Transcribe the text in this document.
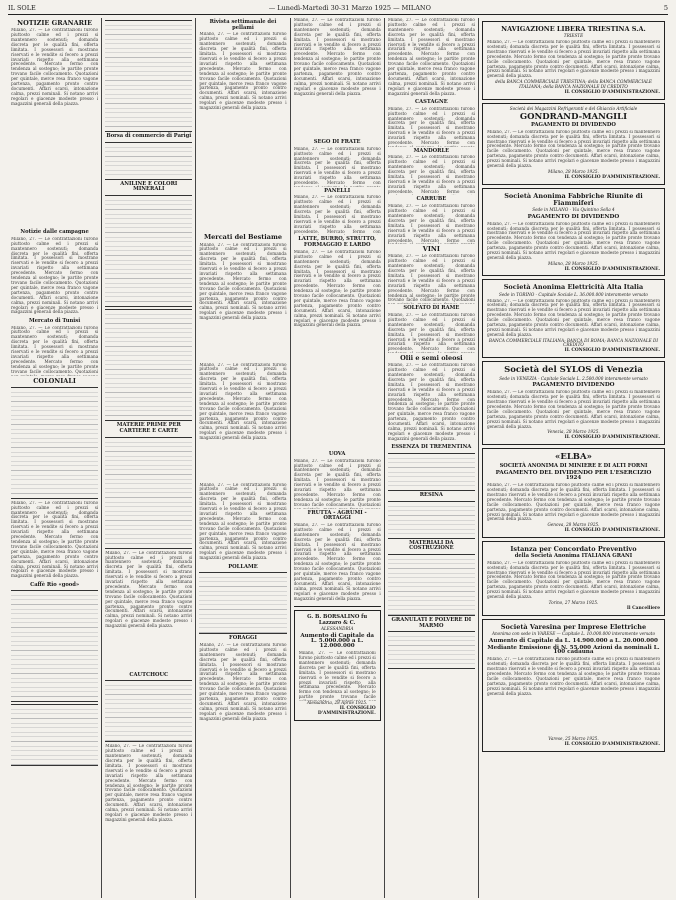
IL SOLE	— Lunedì-Martedì 30-31 Marzo 1925 — MILANO	5
NOTIZIE GRANARIE
Milano, 27. — Le contrattazioni furono piuttosto calme ed i prezzi si mantennero sostenuti; domanda discreta per le qualità fini, offerta limitata. I possessori si mostrano riservati e le vendite si fecero a prezzi invariati rispetto alla settimana precedente. Mercato fermo con tendenza al sostegno; le partite pronte trovano facile collocamento. Quotazioni per quintale, merce resa franco vagone partenza, pagamento pronto contro documenti. Affari scarsi, intonazione calma, prezzi nominali. Si notano arrivi regolari e giacenze modeste presso i magazzini generali della piazza.
Notizie dalle campagne
Milano, 27. — Le contrattazioni furono piuttosto calme ed i prezzi si mantennero sostenuti; domanda discreta per le qualità fini, offerta limitata. I possessori si mostrano riservati e le vendite si fecero a prezzi invariati rispetto alla settimana precedente. Mercato fermo con tendenza al sostegno; le partite pronte trovano facile collocamento. Quotazioni per quintale, merce resa franco vagone partenza, pagamento pronto contro documenti. Affari scarsi, intonazione calma, prezzi nominali. Si notano arrivi regolari e giacenze modeste presso i magazzini generali della piazza.
Mercato di Tunisi
Milano, 27. — Le contrattazioni furono piuttosto calme ed i prezzi si mantennero sostenuti; domanda discreta per le qualità fini, offerta limitata. I possessori si mostrano riservati e le vendite si fecero a prezzi invariati rispetto alla settimana precedente. Mercato fermo con tendenza al sostegno; le partite pronte trovano facile collocamento. Quotazioni per quintale, merce resa franco vagone partenza, pagamento pronto contro documenti. Affari scarsi, intonazione calma, prezzi nominali. Si notano arrivi regolari e giacenze modeste presso i magazzini generali della piazza.
COLONIALI
Milano, 27. — Le contrattazioni furono piuttosto calme ed i prezzi si mantennero sostenuti; domanda discreta per le qualità fini, offerta limitata. I possessori si mostrano riservati e le vendite si fecero a prezzi invariati rispetto alla settimana precedente. Mercato fermo con tendenza al sostegno; le partite pronte trovano facile collocamento. Quotazioni per quintale, merce resa franco vagone partenza, pagamento pronto contro documenti. Affari scarsi, intonazione calma, prezzi nominali. Si notano arrivi regolari e giacenze modeste presso i magazzini generali della piazza.
Caffè Rio «good»
Borsa di commercio di Parigi
ANILINE E COLORI MINERALI
MATERIE PRIME PER CARTIERE E CARTE
Milano, 27. — Le contrattazioni furono piuttosto calme ed i prezzi si mantennero sostenuti; domanda discreta per le qualità fini, offerta limitata. I possessori si mostrano riservati e le vendite si fecero a prezzi invariati rispetto alla settimana precedente. Mercato fermo con tendenza al sostegno; le partite pronte trovano facile collocamento. Quotazioni per quintale, merce resa franco vagone partenza, pagamento pronto contro documenti. Affari scarsi, intonazione calma, prezzi nominali. Si notano arrivi regolari e giacenze modeste presso i magazzini generali della piazza.
CAUTCHOUC
Milano, 27. — Le contrattazioni furono piuttosto calme ed i prezzi si mantennero sostenuti; domanda discreta per le qualità fini, offerta limitata. I possessori si mostrano riservati e le vendite si fecero a prezzi invariati rispetto alla settimana precedente. Mercato fermo con tendenza al sostegno; le partite pronte trovano facile collocamento. Quotazioni per quintale, merce resa franco vagone partenza, pagamento pronto contro documenti. Affari scarsi, intonazione calma, prezzi nominali. Si notano arrivi regolari e giacenze modeste presso i magazzini generali della piazza.
Rivista settimanale dei pellami
Milano, 27. — Le contrattazioni furono piuttosto calme ed i prezzi si mantennero sostenuti; domanda discreta per le qualità fini, offerta limitata. I possessori si mostrano riservati e le vendite si fecero a prezzi invariati rispetto alla settimana precedente. Mercato fermo con tendenza al sostegno; le partite pronte trovano facile collocamento. Quotazioni per quintale, merce resa franco vagone partenza, pagamento pronto contro documenti. Affari scarsi, intonazione calma, prezzi nominali. Si notano arrivi regolari e giacenze modeste presso i magazzini generali della piazza.
Mercati del Bestiame
Milano, 27. — Le contrattazioni furono piuttosto calme ed i prezzi si mantennero sostenuti; domanda discreta per le qualità fini, offerta limitata. I possessori si mostrano riservati e le vendite si fecero a prezzi invariati rispetto alla settimana precedente. Mercato fermo con tendenza al sostegno; le partite pronte trovano facile collocamento. Quotazioni per quintale, merce resa franco vagone partenza, pagamento pronto contro documenti. Affari scarsi, intonazione calma, prezzi nominali. Si notano arrivi regolari e giacenze modeste presso i magazzini generali della piazza.
Milano, 27. — Le contrattazioni furono piuttosto calme ed i prezzi si mantennero sostenuti; domanda discreta per le qualità fini, offerta limitata. I possessori si mostrano riservati e le vendite si fecero a prezzi invariati rispetto alla settimana precedente. Mercato fermo con tendenza al sostegno; le partite pronte trovano facile collocamento. Quotazioni per quintale, merce resa franco vagone partenza, pagamento pronto contro documenti. Affari scarsi, intonazione calma, prezzi nominali. Si notano arrivi regolari e giacenze modeste presso i magazzini generali della piazza.
Milano, 27. — Le contrattazioni furono piuttosto calme ed i prezzi si mantennero sostenuti; domanda discreta per le qualità fini, offerta limitata. I possessori si mostrano riservati e le vendite si fecero a prezzi invariati rispetto alla settimana precedente. Mercato fermo con tendenza al sostegno; le partite pronte trovano facile collocamento. Quotazioni per quintale, merce resa franco vagone partenza, pagamento pronto contro documenti. Affari scarsi, intonazione calma, prezzi nominali. Si notano arrivi regolari e giacenze modeste presso i magazzini generali della piazza.
POLLAME
FORAGGI
Milano, 27. — Le contrattazioni furono piuttosto calme ed i prezzi si mantennero sostenuti; domanda discreta per le qualità fini, offerta limitata. I possessori si mostrano riservati e le vendite si fecero a prezzi invariati rispetto alla settimana precedente. Mercato fermo con tendenza al sostegno; le partite pronte trovano facile collocamento. Quotazioni per quintale, merce resa franco vagone partenza, pagamento pronto contro documenti. Affari scarsi, intonazione calma, prezzi nominali. Si notano arrivi regolari e giacenze modeste presso i magazzini generali della piazza.
Milano, 27. — Le contrattazioni furono piuttosto calme ed i prezzi si mantennero sostenuti; domanda discreta per le qualità fini, offerta limitata. I possessori si mostrano riservati e le vendite si fecero a prezzi invariati rispetto alla settimana precedente. Mercato fermo con tendenza al sostegno; le partite pronte trovano facile collocamento. Quotazioni per quintale, merce resa franco vagone partenza, pagamento pronto contro documenti. Affari scarsi, intonazione calma, prezzi nominali. Si notano arrivi regolari e giacenze modeste presso i magazzini generali della piazza.
SEGO DI FRATE
Milano, 27. — Le contrattazioni furono piuttosto calme ed i prezzi si mantennero sostenuti; domanda discreta per le qualità fini, offerta limitata. I possessori si mostrano riservati e le vendite si fecero a prezzi invariati rispetto alla settimana precedente. Mercato fermo con tendenza al sostegno; le partite pronte trovano facile collocamento. Quotazioni per quintale, merce resa franco vagone partenza, pagamento pronto contro documenti. Affari scarsi, intonazione calma, prezzi nominali. Si notano arrivi regolari e giacenze modeste presso i magazzini generali della piazza.
PANELLI
Milano, 27. — Le contrattazioni furono piuttosto calme ed i prezzi si mantennero sostenuti; domanda discreta per le qualità fini, offerta limitata. I possessori si mostrano riservati e le vendite si fecero a prezzi invariati rispetto alla settimana precedente. Mercato fermo con tendenza al sostegno; le partite pronte trovano facile collocamento. Quotazioni per quintale, merce resa franco vagone partenza, pagamento pronto contro documenti. Affari scarsi, intonazione calma, prezzi nominali. Si notano arrivi regolari e giacenze modeste presso i magazzini generali della piazza.
LATTE, BURRO, STRUTTO, FORMAGGIO E LARDO
Milano, 27. — Le contrattazioni furono piuttosto calme ed i prezzi si mantennero sostenuti; domanda discreta per le qualità fini, offerta limitata. I possessori si mostrano riservati e le vendite si fecero a prezzi invariati rispetto alla settimana precedente. Mercato fermo con tendenza al sostegno; le partite pronte trovano facile collocamento. Quotazioni per quintale, merce resa franco vagone partenza, pagamento pronto contro documenti. Affari scarsi, intonazione calma, prezzi nominali. Si notano arrivi regolari e giacenze modeste presso i magazzini generali della piazza.
UOVA
Milano, 27. — Le contrattazioni furono piuttosto calme ed i prezzi si mantennero sostenuti; domanda discreta per le qualità fini, offerta limitata. I possessori si mostrano riservati e le vendite si fecero a prezzi invariati rispetto alla settimana precedente. Mercato fermo con tendenza al sostegno; le partite pronte trovano facile collocamento. Quotazioni per quintale, merce resa franco vagone partenza, pagamento pronto contro documenti. Affari scarsi, intonazione calma, prezzi nominali. Si notano arrivi regolari e giacenze modeste presso i magazzini generali della piazza.
FRUTTA - AGRUMI - ORTAGGI
Milano, 27. — Le contrattazioni furono piuttosto calme ed i prezzi si mantennero sostenuti; domanda discreta per le qualità fini, offerta limitata. I possessori si mostrano riservati e le vendite si fecero a prezzi invariati rispetto alla settimana precedente. Mercato fermo con tendenza al sostegno; le partite pronte trovano facile collocamento. Quotazioni per quintale, merce resa franco vagone partenza, pagamento pronto contro documenti. Affari scarsi, intonazione calma, prezzi nominali. Si notano arrivi regolari e giacenze modeste presso i magazzini generali della piazza.
G. B. BORSALINO fu Lazzaro & C.
ALESSANDRIA
Aumento di Capitale da L. 5.000.000 a L. 12.000.000
Milano, 27. — Le contrattazioni furono piuttosto calme ed i prezzi si mantennero sostenuti; domanda discreta per le qualità fini, offerta limitata. I possessori si mostrano riservati e le vendite si fecero a prezzi invariati rispetto alla settimana precedente. Mercato fermo con tendenza al sostegno; le partite pronte trovano facile collocamento. Quotazioni per quintale, merce resa franco vagone partenza, pagamento pronto contro documenti. Affari scarsi, intonazione calma, prezzi nominali. Si notano arrivi regolari e giacenze modeste presso i magazzini generali della piazza.
Alessandria, 28 Aprile 1925.
IL CONSIGLIO D'AMMINISTRAZIONE.
Milano, 27. — Le contrattazioni furono piuttosto calme ed i prezzi si mantennero sostenuti; domanda discreta per le qualità fini, offerta limitata. I possessori si mostrano riservati e le vendite si fecero a prezzi invariati rispetto alla settimana precedente. Mercato fermo con tendenza al sostegno; le partite pronte trovano facile collocamento. Quotazioni per quintale, merce resa franco vagone partenza, pagamento pronto contro documenti. Affari scarsi, intonazione calma, prezzi nominali. Si notano arrivi regolari e giacenze modeste presso i magazzini generali della piazza.
CASTAGNE
Milano, 27. — Le contrattazioni furono piuttosto calme ed i prezzi si mantennero sostenuti; domanda discreta per le qualità fini, offerta limitata. I possessori si mostrano riservati e le vendite si fecero a prezzi invariati rispetto alla settimana precedente. Mercato fermo con tendenza al sostegno; le partite pronte trovano facile collocamento. Quotazioni per quintale, merce resa franco vagone partenza, pagamento pronto contro documenti. Affari scarsi, intonazione calma, prezzi nominali. Si notano arrivi regolari e giacenze modeste presso i magazzini generali della piazza.
MANDORLE
Milano, 27. — Le contrattazioni furono piuttosto calme ed i prezzi si mantennero sostenuti; domanda discreta per le qualità fini, offerta limitata. I possessori si mostrano riservati e le vendite si fecero a prezzi invariati rispetto alla settimana precedente. Mercato fermo con tendenza al sostegno; le partite pronte trovano facile collocamento. Quotazioni per quintale, merce resa franco vagone partenza, pagamento pronto contro documenti. Affari scarsi, intonazione calma, prezzi nominali. Si notano arrivi regolari e giacenze modeste presso i magazzini generali della piazza.
CARRUBE
Milano, 27. — Le contrattazioni furono piuttosto calme ed i prezzi si mantennero sostenuti; domanda discreta per le qualità fini, offerta limitata. I possessori si mostrano riservati e le vendite si fecero a prezzi invariati rispetto alla settimana precedente. Mercato fermo con tendenza al sostegno; le partite pronte trovano facile collocamento. Quotazioni per quintale, merce resa franco vagone partenza, pagamento pronto contro documenti. Affari scarsi, intonazione calma, prezzi nominali. Si notano arrivi regolari e giacenze modeste presso i magazzini generali della piazza.
VINI
Milano, 27. — Le contrattazioni furono piuttosto calme ed i prezzi si mantennero sostenuti; domanda discreta per le qualità fini, offerta limitata. I possessori si mostrano riservati e le vendite si fecero a prezzi invariati rispetto alla settimana precedente. Mercato fermo con tendenza al sostegno; le partite pronte trovano facile collocamento. Quotazioni per quintale, merce resa franco vagone partenza, pagamento pronto contro documenti. Affari scarsi, intonazione calma, prezzi nominali. Si notano arrivi regolari e giacenze modeste presso i magazzini generali della piazza.
SOLFATO DI RAME
Milano, 27. — Le contrattazioni furono piuttosto calme ed i prezzi si mantennero sostenuti; domanda discreta per le qualità fini, offerta limitata. I possessori si mostrano riservati e le vendite si fecero a prezzi invariati rispetto alla settimana precedente. Mercato fermo con tendenza al sostegno; le partite pronte trovano facile collocamento. Quotazioni per quintale, merce resa franco vagone partenza, pagamento pronto contro documenti. Affari scarsi, intonazione calma, prezzi nominali. Si notano arrivi regolari e giacenze modeste presso i magazzini generali della piazza.
Olii e semi oleosi
Milano, 27. — Le contrattazioni furono piuttosto calme ed i prezzi si mantennero sostenuti; domanda discreta per le qualità fini, offerta limitata. I possessori si mostrano riservati e le vendite si fecero a prezzi invariati rispetto alla settimana precedente. Mercato fermo con tendenza al sostegno; le partite pronte trovano facile collocamento. Quotazioni per quintale, merce resa franco vagone partenza, pagamento pronto contro documenti. Affari scarsi, intonazione calma, prezzi nominali. Si notano arrivi regolari e giacenze modeste presso i magazzini generali della piazza.
ESSENZA DI TREMENTINA
RESINA
MATERIALI DA COSTRUZIONE
GRANULATI E POLVERE DI MARMO
NAVIGAZIONE LIBERA TRIESTINA S.A.
TRIESTE
Milano, 27. — Le contrattazioni furono piuttosto calme ed i prezzi si mantennero sostenuti; domanda discreta per le qualità fini, offerta limitata. I possessori si mostrano riservati e le vendite si fecero a prezzi invariati rispetto alla settimana precedente. Mercato fermo con tendenza al sostegno; le partite pronte trovano facile collocamento. Quotazioni per quintale, merce resa franco vagone partenza, pagamento pronto contro documenti. Affari scarsi, intonazione calma, prezzi nominali. Si notano arrivi regolari e giacenze modeste presso i magazzini generali della piazza.
della BANCA COMMERCIALE TRIESTINA; della BANCA COMMERCIALE ITALIANA; della BANCA NAZIONALE DI CREDITO
IL CONSIGLIO D'AMMINISTRAZIONE.
Società dei Magazzini Refrigeranti e del Ghiaccio Artificiale
GONDRAND-MANGILI
PAGAMENTO DI DIVIDENDO
Milano, 27. — Le contrattazioni furono piuttosto calme ed i prezzi si mantennero sostenuti; domanda discreta per le qualità fini, offerta limitata. I possessori si mostrano riservati e le vendite si fecero a prezzi invariati rispetto alla settimana precedente. Mercato fermo con tendenza al sostegno; le partite pronte trovano facile collocamento. Quotazioni per quintale, merce resa franco vagone partenza, pagamento pronto contro documenti. Affari scarsi, intonazione calma, prezzi nominali. Si notano arrivi regolari e giacenze modeste presso i magazzini generali della piazza.
Milano, 28 Marzo 1925.
IL CONSIGLIO D'AMMINISTRAZIONE.
Società Anonima Fabbriche Riunite di Fiammiferi
Sede in MILANO - Via Quintino Sella 4
PAGAMENTO DI DIVIDENDO
Milano, 27. — Le contrattazioni furono piuttosto calme ed i prezzi si mantennero sostenuti; domanda discreta per le qualità fini, offerta limitata. I possessori si mostrano riservati e le vendite si fecero a prezzi invariati rispetto alla settimana precedente. Mercato fermo con tendenza al sostegno; le partite pronte trovano facile collocamento. Quotazioni per quintale, merce resa franco vagone partenza, pagamento pronto contro documenti. Affari scarsi, intonazione calma, prezzi nominali. Si notano arrivi regolari e giacenze modeste presso i magazzini generali della piazza.
Milano, 28 Marzo 1925.
IL CONSIGLIO D'AMMINISTRAZIONE.
Società Anonima Elettricità Alta Italia
Sede in TORINO - Capitale Sociale L. 36.000.000 interamente versato
Milano, 27. — Le contrattazioni furono piuttosto calme ed i prezzi si mantennero sostenuti; domanda discreta per le qualità fini, offerta limitata. I possessori si mostrano riservati e le vendite si fecero a prezzi invariati rispetto alla settimana precedente. Mercato fermo con tendenza al sostegno; le partite pronte trovano facile collocamento. Quotazioni per quintale, merce resa franco vagone partenza, pagamento pronto contro documenti. Affari scarsi, intonazione calma, prezzi nominali. Si notano arrivi regolari e giacenze modeste presso i magazzini generali della piazza.
BANCA COMMERCIALE ITALIANA; BANCA DI ROMA; BANCA NAZIONALE DI CREDITO
IL CONSIGLIO D'AMMINISTRAZIONE.
Società del SYLOS di Venezia
Sede in VENEZIA - Capitale Sociale L. 2.500.000 interamente versato
PAGAMENTO DIVIDENDO
Milano, 27. — Le contrattazioni furono piuttosto calme ed i prezzi si mantennero sostenuti; domanda discreta per le qualità fini, offerta limitata. I possessori si mostrano riservati e le vendite si fecero a prezzi invariati rispetto alla settimana precedente. Mercato fermo con tendenza al sostegno; le partite pronte trovano facile collocamento. Quotazioni per quintale, merce resa franco vagone partenza, pagamento pronto contro documenti. Affari scarsi, intonazione calma, prezzi nominali. Si notano arrivi regolari e giacenze modeste presso i magazzini generali della piazza.
Venezia, 28 Marzo 1925.
IL CONSIGLIO D'AMMINISTRAZIONE.
«ELBA»
SOCIETÀ ANONIMA DI MINIERE E DI ALTI FORNI
PAGAMENTO DEL DIVIDENDO PER L'ESERCIZIO 1924
Milano, 27. — Le contrattazioni furono piuttosto calme ed i prezzi si mantennero sostenuti; domanda discreta per le qualità fini, offerta limitata. I possessori si mostrano riservati e le vendite si fecero a prezzi invariati rispetto alla settimana precedente. Mercato fermo con tendenza al sostegno; le partite pronte trovano facile collocamento. Quotazioni per quintale, merce resa franco vagone partenza, pagamento pronto contro documenti. Affari scarsi, intonazione calma, prezzi nominali. Si notano arrivi regolari e giacenze modeste presso i magazzini generali della piazza.
Genova, 28 Marzo 1925.
IL CONSIGLIO D'AMMINISTRAZIONE.
Istanza per Concordato Preventivo
della Società Anonima ITALIANA GRANI
Milano, 27. — Le contrattazioni furono piuttosto calme ed i prezzi si mantennero sostenuti; domanda discreta per le qualità fini, offerta limitata. I possessori si mostrano riservati e le vendite si fecero a prezzi invariati rispetto alla settimana precedente. Mercato fermo con tendenza al sostegno; le partite pronte trovano facile collocamento. Quotazioni per quintale, merce resa franco vagone partenza, pagamento pronto contro documenti. Affari scarsi, intonazione calma, prezzi nominali. Si notano arrivi regolari e giacenze modeste presso i magazzini generali della piazza.
Torino, 27 Marzo 1925.
Il Cancelliere
Società Varesina per Imprese Elettriche
Anonima con sede in VARESE — Capitale L. 10.000.000 interamente versato
Aumento di Capitale da L. 14.900.000 a L. 20.000.000
Mediante Emissione di N. 55.000 Azioni da nominali L. 100 cadauna
Milano, 27. — Le contrattazioni furono piuttosto calme ed i prezzi si mantennero sostenuti; domanda discreta per le qualità fini, offerta limitata. I possessori si mostrano riservati e le vendite si fecero a prezzi invariati rispetto alla settimana precedente. Mercato fermo con tendenza al sostegno; le partite pronte trovano facile collocamento. Quotazioni per quintale, merce resa franco vagone partenza, pagamento pronto contro documenti. Affari scarsi, intonazione calma, prezzi nominali. Si notano arrivi regolari e giacenze modeste presso i magazzini generali della piazza.
Varese, 25 Marzo 1925.
IL CONSIGLIO D'AMMINISTRAZIONE.
